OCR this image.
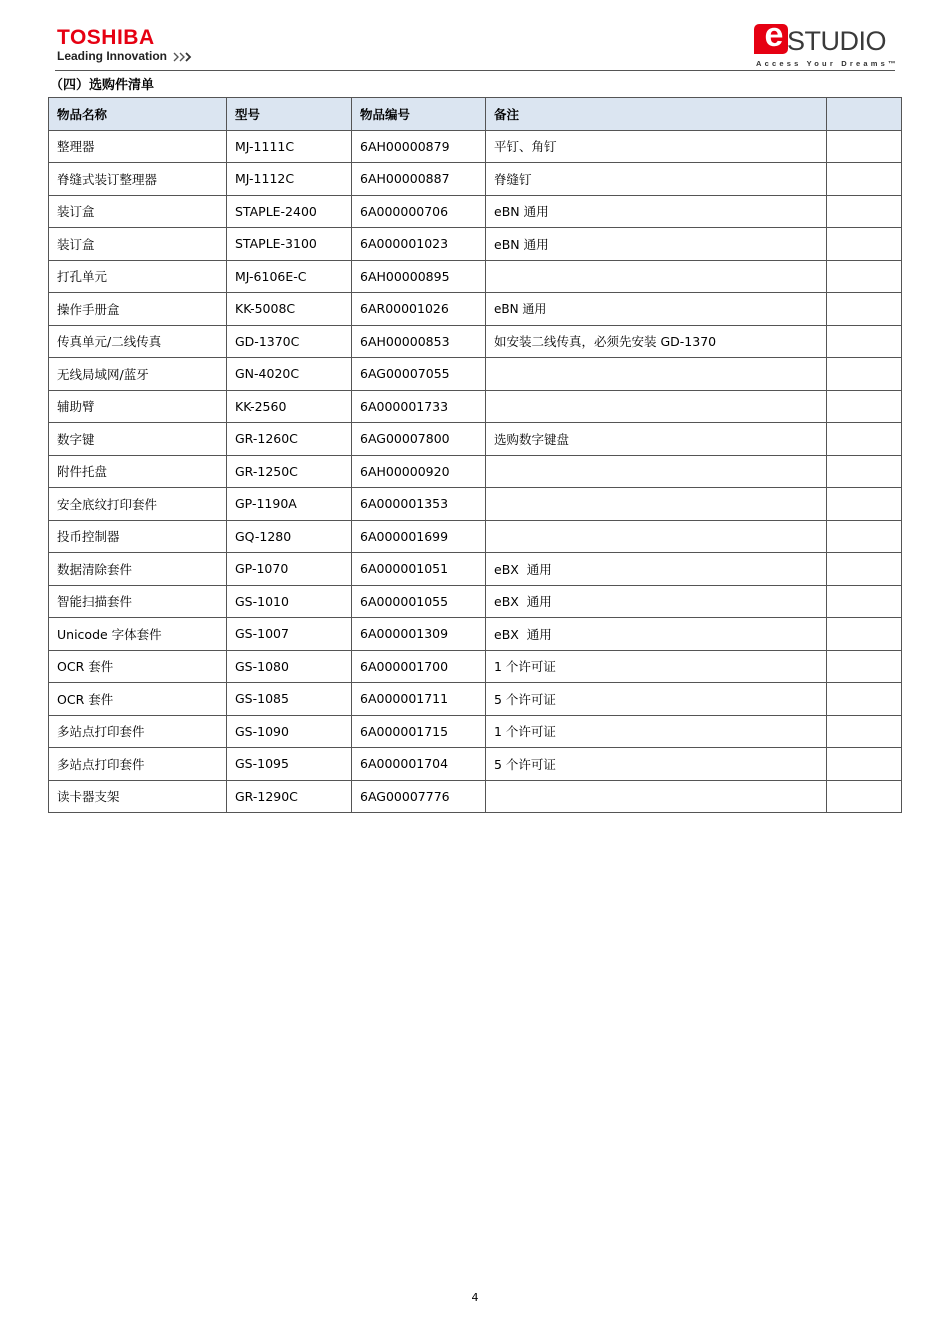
TOSHIBA
Leading Innovation
e STUDIO
Access Your Dreams™
（四）选购件清单
物品名称	型号	物品编号	备注	
整理器	MJ-1111C	6AH00000879	平钉、角钉	
脊缝式装订整理器	MJ-1112C	6AH00000887	脊缝钉	
装订盒	STAPLE-2400	6A000000706	eBN 通用	
装订盒	STAPLE-3100	6A000001023	eBN 通用	
打孔单元	MJ-6106E-C	6AH00000895		
操作手册盒	KK-5008C	6AR00001026	eBN 通用	
传真单元/二线传真	GD-1370C	6AH00000853	如安装二线传真，必须先安装 GD-1370	
无线局域网/蓝牙	GN-4020C	6AG00007055		
辅助臂	KK-2560	6A000001733		
数字键	GR-1260C	6AG00007800	选购数字键盘	
附件托盘	GR-1250C	6AH00000920		
安全底纹打印套件	GP-1190A	6A000001353		
投币控制器	GQ-1280	6A000001699		
数据清除套件	GP-1070	6A000001051	eBX  通用	
智能扫描套件	GS-1010	6A000001055	eBX  通用	
Unicode 字体套件	GS-1007	6A000001309	eBX  通用	
OCR 套件	GS-1080	6A000001700	1 个许可证	
OCR 套件	GS-1085	6A000001711	5 个许可证	
多站点打印套件	GS-1090	6A000001715	1 个许可证	
多站点打印套件	GS-1095	6A000001704	5 个许可证	
读卡器支架	GR-1290C	6AG00007776		
4
